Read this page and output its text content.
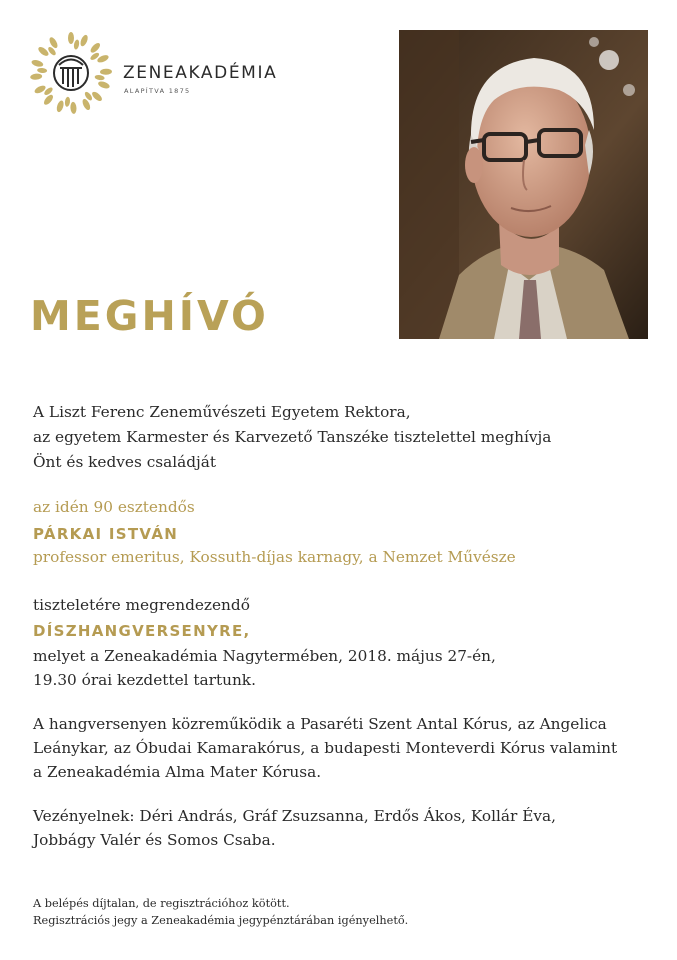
ZENEAKADÉMIA
ALAPÍTVA 1875
MEGHÍVÓ
A Liszt Ferenc Zeneművészeti Egyetem Rektora,
az egyetem Karmester és Karvezető Tanszéke tisztelettel meghívja
Önt és kedves családját
az idén 90 esztendős
PÁRKAI ISTVÁN
professor emeritus, Kossuth-díjas karnagy, a Nemzet Művésze
tiszteletére megrendezendő
DÍSZHANGVERSENYRE,
melyet a Zeneakadémia Nagytermében, 2018. május 27-én,
19.30 órai kezdettel tartunk.
A hangversenyen közreműködik a Pasaréti Szent Antal Kórus, az Angelica
Leánykar, az Óbudai Kamarakórus, a budapesti Monteverdi Kórus valamint
a Zeneakadémia Alma Mater Kórusa.
Vezényelnek: Déri András, Gráf Zsuzsanna, Erdős Ákos, Kollár Éva,
Jobbágy Valér és Somos Csaba.
A belépés díjtalan, de regisztrációhoz kötött.
Regisztrációs jegy a Zeneakadémia jegypénztárában igényelhető.
